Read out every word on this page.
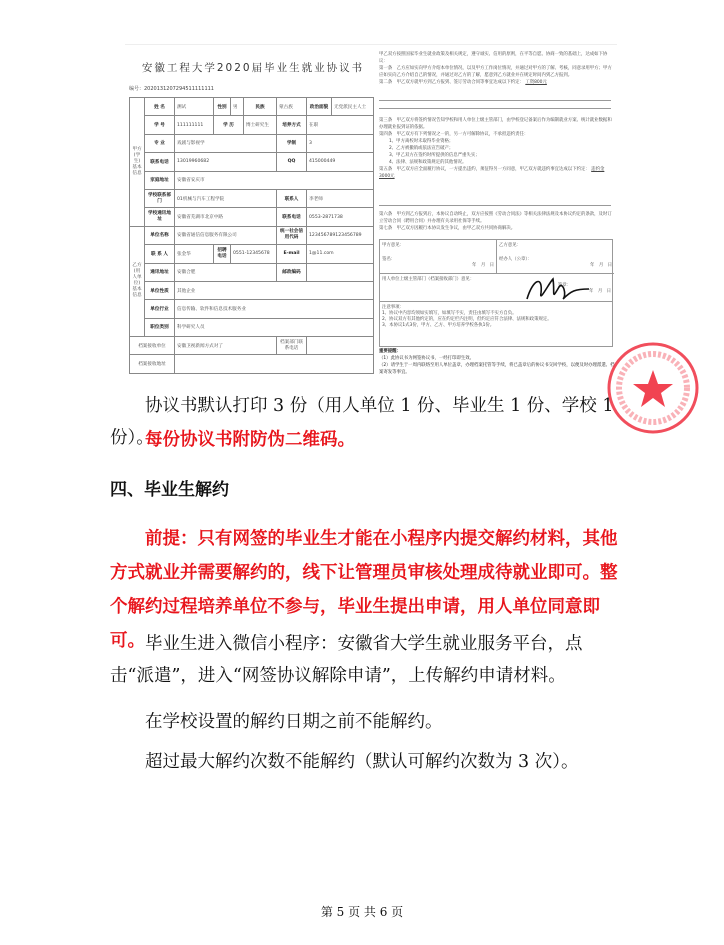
安徽工程大学2020届毕业生就业协议书
编号：2020131207294511111111
甲方(学生)基本信息	姓 名	测试	性别	男	民族	蒙古族	政治面貌	无党派民主人士
	学 号	111111111	学 历		博士研究生	培养方式	在职	
	专 业	戏剧与影视学				学制	3	
	联系电话	13019960682				QQ	415000449	
	家庭地址	安徽省安庆市						
	学校联系部门	01机械与汽车工程学院				联系人	李老师	
	学校通讯地址	安徽省芜湖市北京中路				联系电话	0553-2871738	
乙方(用人单位)基本信息	单位名称	安徽省通信信息服务有限公司				统一社会信用代码	123456789123456789	
	联 系 人	张金华	招聘电话	0551-12345678		E-mail	1@11.com	
	通讯地址	安徽合肥				邮政编码		
	单位性质	其他企业						
	单位行业	信息传输、软件和信息技术服务业						
	职位类别	科学研究人员						
档案接收单位		安徽卫视新闻方式对了				档案部门联系电话		
档案接收地址								

甲乙双方按照国家毕业生就业政策及相关规定，遵守诚实、信用的原则，在平等自愿、协商一致的基础上，达成如下协议：

第一条　乙方应如实向甲方介绍本单位情况，以及甲方工作岗位情况，并通过对甲方的了解、考核，同意录用甲方；甲方应如实向乙方介绍自己的情况，并通过对乙方的了解，愿意到乙方就业并在规定时间内到乙方报到。

第二条　甲乙双方就甲方到乙方报到、签订劳动合同等事宜达成以下约定： 工资800元

第三条　甲乙双方将签约情况告知学校和用人单位上级主管部门，由学校登记备案后作为编制就业方案、统计就业数据和办理就业报到证的依据。

第四条　甲乙双方有下列情况之一的，另一方可解除协议，不承担违约责任：

1、甲方离校时未取得毕业资格；

2、乙方被撤销或依法宣告破产；

3、甲乙双方在签约时所提供的信息严重失实；

4、法律、法规和政策规定的其他情况。

第五条　甲乙双方应全面履行协议，一方提出违约，须征得另一方同意，甲乙双方就违约事宜达成以下约定： 违约金3000元

第六条　甲方到乙方报到后，本协议自动终止，双方应按照《劳动合同法》等相关法律法规及本协议约定的条款，及时订立劳动合同（聘用合同）并办理有关录用社保等手续。

第七条　甲乙双方因履行本协议发生争议，由甲乙双方共同协商解决。

甲方意见：
签名：
年　月　日
乙方意见：
经办人（公章）：
年　月　日
用人单位上级主管部门（档案接收部门）意见：
签章：
年　月　日
注意事项：
1、协议中内容均须如实填写，如填写不实，责任由填写不实方自负。
2、协议双方有其他约定的，应在约定栏内注明，但约定应符合法律、法规和政策规定。
3、本协议1式3份，甲方、乙方、甲方培养学校各执1份。

重要提醒：

（1）此协议书为网签协议书，一经打印即生效。

（2）请学生于一周内联络至用人单位盖章，办理档案托管等手续，将已盖章后的协议书交回学校，以便及时办理派遣、档案寄发等事宜。

协议书默认打印 3 份（用人单位 1 份、毕业生 1 份、学校 1 份）。
每份协议书附防伪二维码。
四、毕业生解约
前提：只有网签的毕业生才能在小程序内提交解约材料，其他方式就业并需要解约的，线下让管理员审核处理成待就业即可。整个解约过程培养单位不参与，毕业生提出申请，用人单位同意即可。 毕业生进入微信小程序：安徽省大学生就业服务平台，点击“派遣”，进入“网签协议解除申请”，上传解约申请材料。
在学校设置的解约日期之前不能解约。
超过最大解约次数不能解约（默认可解约次数为 3 次）。
第 5 页 共 6 页
